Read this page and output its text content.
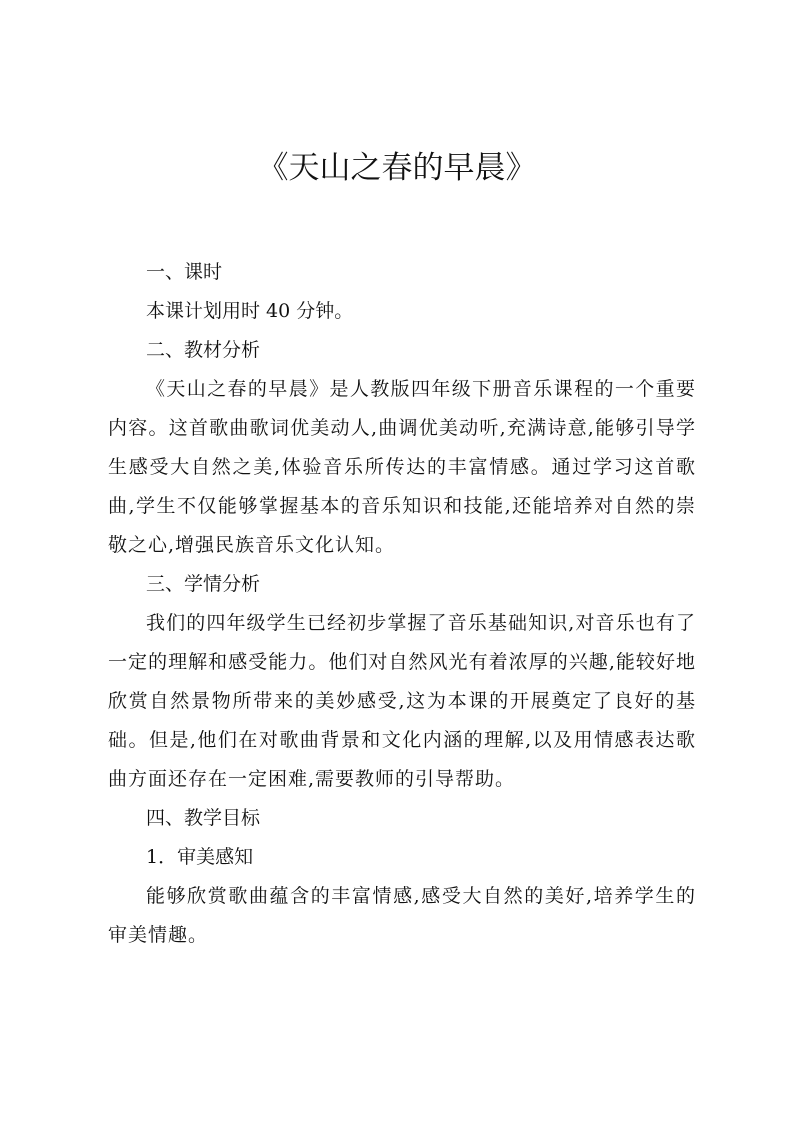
《天山之春的早晨》
一、课时
本课计划用时 40 分钟。
二、教材分析

《天山之春的早晨》是人教版四年级下册音乐课程的一个重要内容。这首歌曲歌词优美动人,曲调优美动听,充满诗意,能够引导学生感受大自然之美,体验音乐所传达的丰富情感。通过学习这首歌曲,学生不仅能够掌握基本的音乐知识和技能,还能培养对自然的崇敬之心,增强民族音乐文化认知。

三、学情分析

我们的四年级学生已经初步掌握了音乐基础知识,对音乐也有了一定的理解和感受能力。他们对自然风光有着浓厚的兴趣,能较好地欣赏自然景物所带来的美妙感受,这为本课的开展奠定了良好的基础。但是,他们在对歌曲背景和文化内涵的理解,以及用情感表达歌曲方面还存在一定困难,需要教师的引导帮助。

四、教学目标
1．审美感知

能够欣赏歌曲蕴含的丰富情感,感受大自然的美好,培养学生的审美情趣。
